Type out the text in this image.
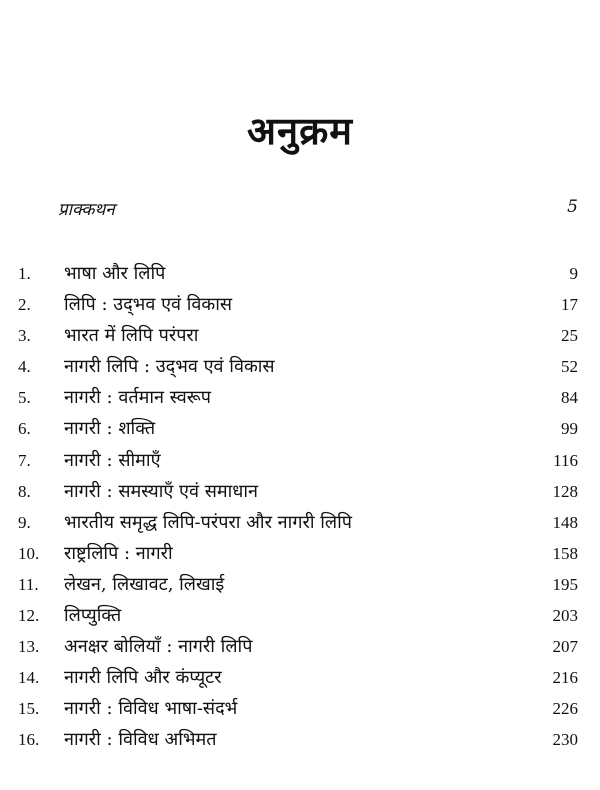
अनुक्रम
प्राक्कथन	5
1.	भाषा और लिपि	9
2.	लिपि : उद्‌भव एवं विकास	17
3.	भारत में लिपि परंपरा	25
4.	नागरी लिपि : उद्‌भव एवं विकास	52
5.	नागरी : वर्तमान स्वरूप	84
6.	नागरी : शक्ति	99
7.	नागरी : सीमाएँ	116
8.	नागरी : समस्याएँ एवं समाधान	128
9.	भारतीय समृद्ध लिपि-परंपरा और नागरी लिपि	148
10.	राष्ट्रलिपि : नागरी	158
11.	लेखन, लिखावट, लिखाई	195
12.	लिप्युक्ति	203
13.	अनक्षर बोलियाँ : नागरी लिपि	207
14.	नागरी लिपि और कंप्यूटर	216
15.	नागरी : विविध भाषा-संदर्भ	226
16.	नागरी : विविध अभिमत	230
